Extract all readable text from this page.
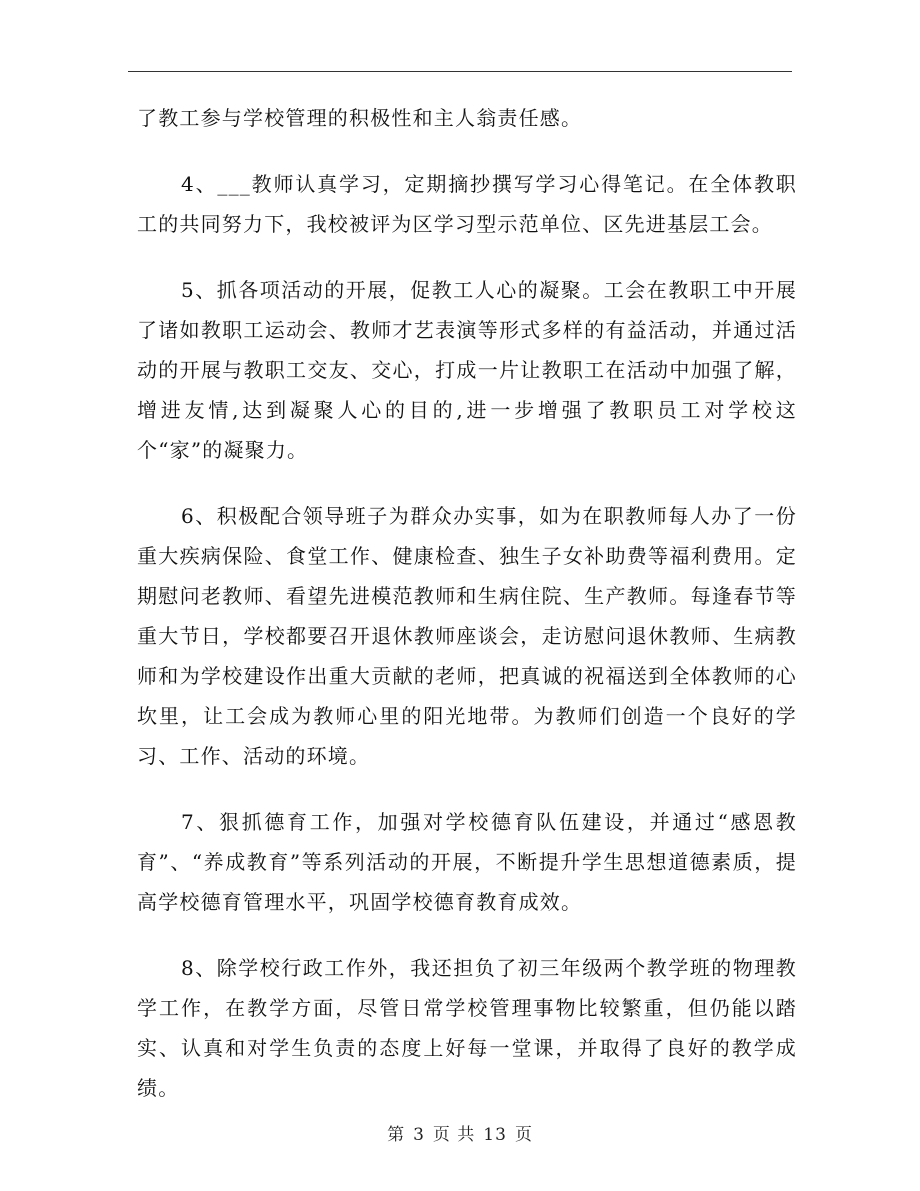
了教工参与学校管理的积极性和主人翁责任感。

4、___教师认真学习，定期摘抄撰写学习心得笔记。在全体教职工的共同努力下，我校被评为区学习型示范单位、区先进基层工会。

5、抓各项活动的开展，促教工人心的凝聚。工会在教职工中开展了诸如教职工运动会、教师才艺表演等形式多样的有益活动，并通过活动的开展与教职工交友、交心，打成一片让教职工在活动中加强了解，增进友情,达到凝聚人心的目的,进一步增强了教职员工对学校这个“家”的凝聚力。

6、积极配合领导班子为群众办实事，如为在职教师每人办了一份重大疾病保险、食堂工作、健康检查、独生子女补助费等福利费用。定期慰问老教师、看望先进模范教师和生病住院、生产教师。每逢春节等重大节日，学校都要召开退休教师座谈会，走访慰问退休教师、生病教师和为学校建设作出重大贡献的老师，把真诚的祝福送到全体教师的心坎里，让工会成为教师心里的阳光地带。为教师们创造一个良好的学习、工作、活动的环境。

7、狠抓德育工作，加强对学校德育队伍建设，并通过“感恩教育”、“养成教育”等系列活动的开展，不断提升学生思想道德素质，提高学校德育管理水平，巩固学校德育教育成效。

8、除学校行政工作外，我还担负了初三年级两个教学班的物理教学工作，在教学方面，尽管日常学校管理事物比较繁重，但仍能以踏实、认真和对学生负责的态度上好每一堂课，并取得了良好的教学成绩。

第 3 页 共 13 页
